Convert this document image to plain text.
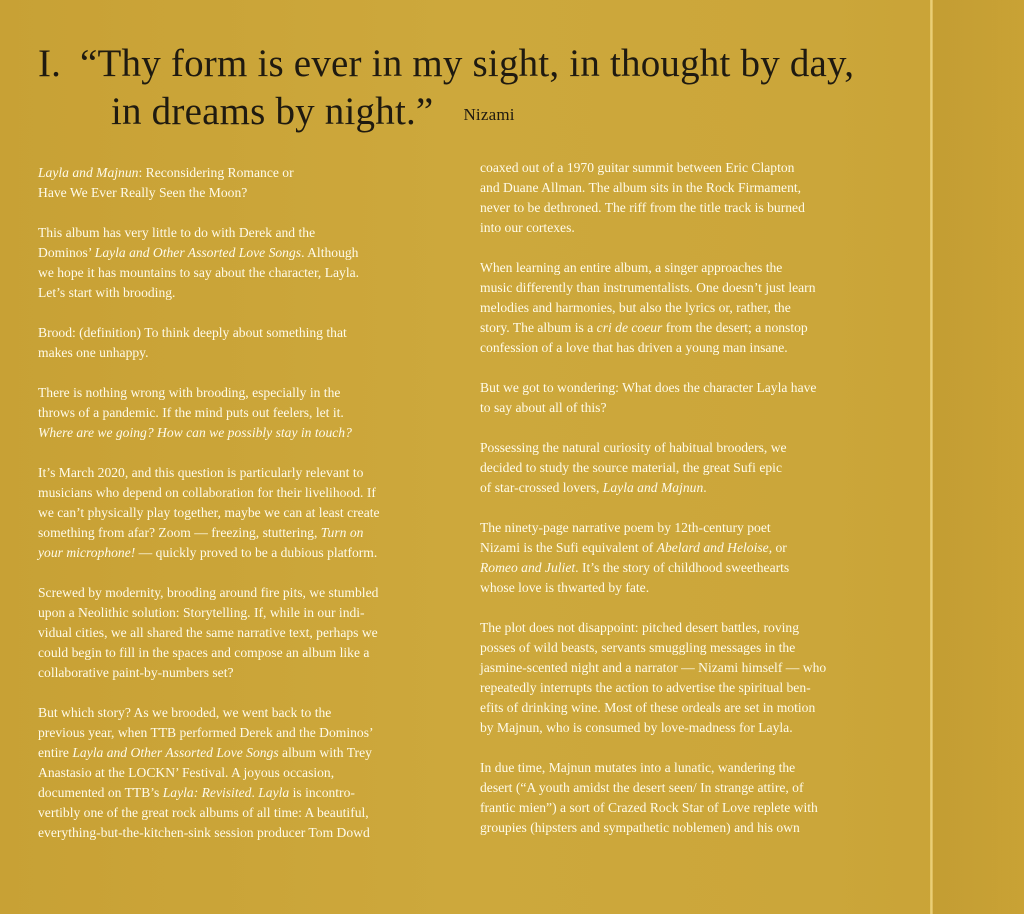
I. “Thy form is ever in my sight, in thought by day,
in dreams by night.” Nizami

Layla and Majnun: Reconsidering Romance or
Have We Ever Really Seen the Moon?

This album has very little to do with Derek and the
Dominos’ Layla and Other Assorted Love Songs. Although
we hope it has mountains to say about the character, Layla.
Let’s start with brooding.

Brood: (definition) To think deeply about something that
makes one unhappy.

There is nothing wrong with brooding, especially in the
throws of a pandemic. If the mind puts out feelers, let it.
Where are we going? How can we possibly stay in touch?

It’s March 2020, and this question is particularly relevant to
musicians who depend on collaboration for their livelihood. If
we can’t physically play together, maybe we can at least create
something from afar? Zoom — freezing, stuttering, Turn on
your microphone! — quickly proved to be a dubious platform.

Screwed by modernity, brooding around fire pits, we stumbled
upon a Neolithic solution: Storytelling. If, while in our indi-
vidual cities, we all shared the same narrative text, perhaps we
could begin to fill in the spaces and compose an album like a
collaborative paint-by-numbers set?

But which story? As we brooded, we went back to the
previous year, when TTB performed Derek and the Dominos’
entire Layla and Other Assorted Love Songs album with Trey
Anastasio at the LOCKN’ Festival. A joyous occasion,
documented on TTB’s Layla: Revisited. Layla is incontro-
vertibly one of the great rock albums of all time: A beautiful,
everything-but-the-kitchen-sink session producer Tom Dowd

coaxed out of a 1970 guitar summit between Eric Clapton
and Duane Allman. The album sits in the Rock Firmament,
never to be dethroned. The riff from the title track is burned
into our cortexes.

When learning an entire album, a singer approaches the
music differently than instrumentalists. One doesn’t just learn
melodies and harmonies, but also the lyrics or, rather, the
story. The album is a cri de coeur from the desert; a nonstop
confession of a love that has driven a young man insane.

But we got to wondering: What does the character Layla have
to say about all of this?

Possessing the natural curiosity of habitual brooders, we
decided to study the source material, the great Sufi epic
of star-crossed lovers, Layla and Majnun.

The ninety-page narrative poem by 12th-century poet
Nizami is the Sufi equivalent of Abelard and Heloise, or
Romeo and Juliet. It’s the story of childhood sweethearts
whose love is thwarted by fate.

The plot does not disappoint: pitched desert battles, roving
posses of wild beasts, servants smuggling messages in the
jasmine-scented night and a narrator — Nizami himself — who
repeatedly interrupts the action to advertise the spiritual ben-
efits of drinking wine. Most of these ordeals are set in motion
by Majnun, who is consumed by love-madness for Layla.

In due time, Majnun mutates into a lunatic, wandering the
desert (“A youth amidst the desert seen/ In strange attire, of
frantic mien”) a sort of Crazed Rock Star of Love replete with
groupies (hipsters and sympathetic noblemen) and his own
